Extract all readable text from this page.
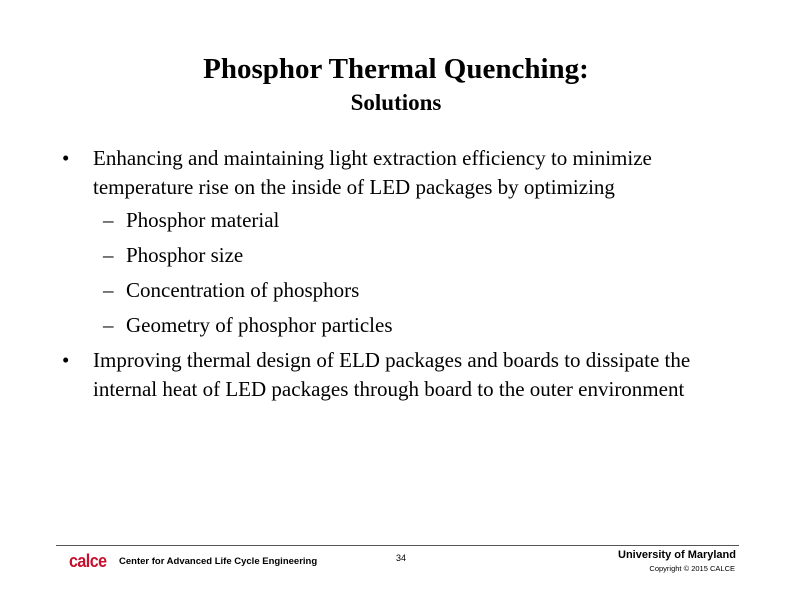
Phosphor Thermal Quenching:
Solutions
• Enhancing and maintaining light extraction efficiency to minimize temperature rise on the inside of LED packages by optimizing
– Phosphor material
– Phosphor size
– Concentration of phosphors
– Geometry of phosphor particles
• Improving thermal design of ELD packages and boards to dissipate the internal heat of LED packages through board to the outer environment
calce Center for Advanced Life Cycle Engineering	34	University of Maryland
Copyright © 2015 CALCE
